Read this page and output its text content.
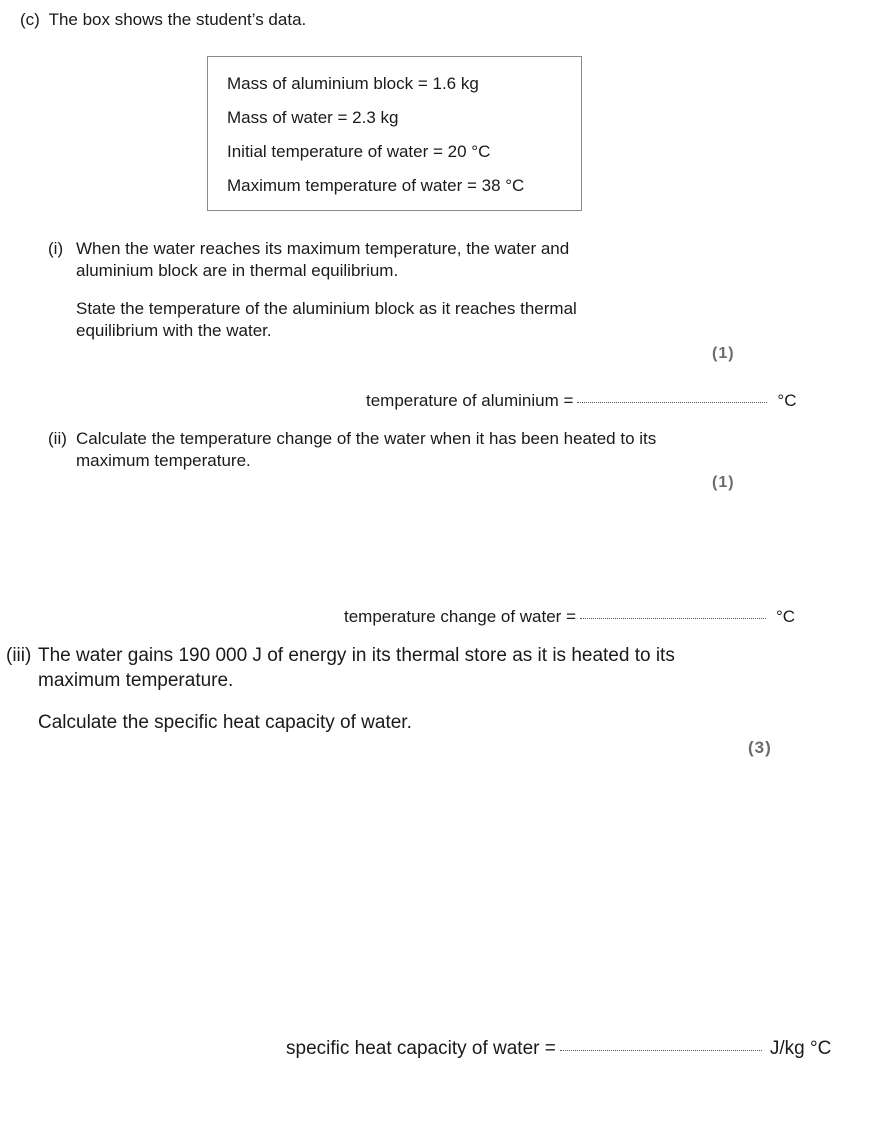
(c) The box shows the student’s data.
Mass of aluminium block = 1.6 kg
Mass of water = 2.3 kg
Initial temperature of water = 20 °C
Maximum temperature of water = 38 °C
(i) When the water reaches its maximum temperature, the water and
aluminium block are in thermal equilibrium.
State the temperature of the aluminium block as it reaches thermal
equilibrium with the water.
(1)
temperature of aluminium =	°C
(ii) Calculate the temperature change of the water when it has been heated to its
maximum temperature.
(1)
temperature change of water =	°C
(iii) The water gains 190 000 J of energy in its thermal store as it is heated to its
maximum temperature.
Calculate the specific heat capacity of water.
(3)
specific heat capacity of water =	J/kg °C
